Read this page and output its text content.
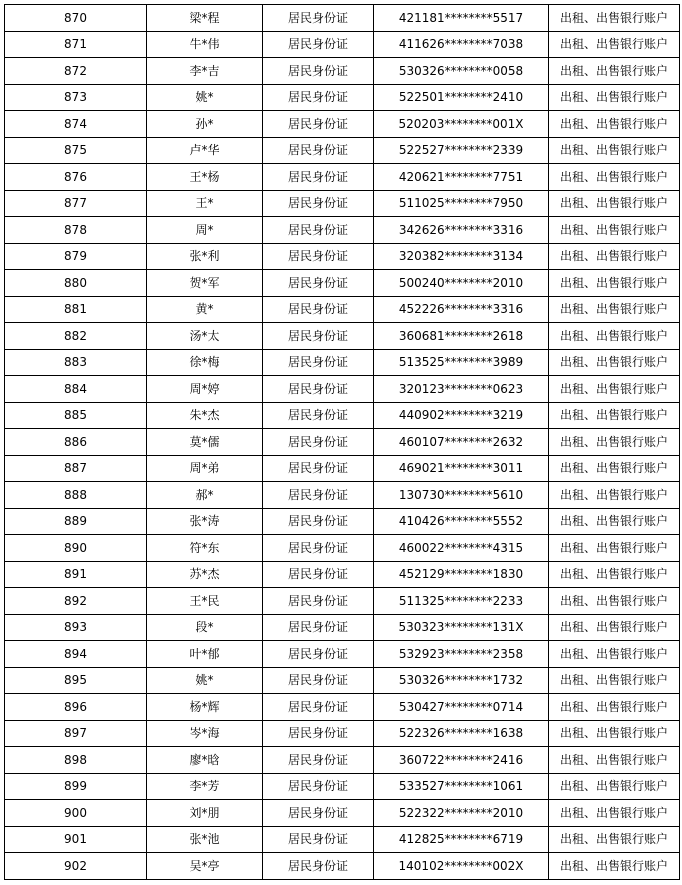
870	梁*程	居民身份证	421181********5517	出租、出售银行账户
871	牛*伟	居民身份证	411626********7038	出租、出售银行账户
872	李*吉	居民身份证	530326********0058	出租、出售银行账户
873	姚*	居民身份证	522501********2410	出租、出售银行账户
874	孙*	居民身份证	520203********001X	出租、出售银行账户
875	卢*华	居民身份证	522527********2339	出租、出售银行账户
876	王*杨	居民身份证	420621********7751	出租、出售银行账户
877	王*	居民身份证	511025********7950	出租、出售银行账户
878	周*	居民身份证	342626********3316	出租、出售银行账户
879	张*利	居民身份证	320382********3134	出租、出售银行账户
880	贺*军	居民身份证	500240********2010	出租、出售银行账户
881	黄*	居民身份证	452226********3316	出租、出售银行账户
882	汤*太	居民身份证	360681********2618	出租、出售银行账户
883	徐*梅	居民身份证	513525********3989	出租、出售银行账户
884	周*婷	居民身份证	320123********0623	出租、出售银行账户
885	朱*杰	居民身份证	440902********3219	出租、出售银行账户
886	莫*儒	居民身份证	460107********2632	出租、出售银行账户
887	周*弟	居民身份证	469021********3011	出租、出售银行账户
888	郝*	居民身份证	130730********5610	出租、出售银行账户
889	张*涛	居民身份证	410426********5552	出租、出售银行账户
890	符*东	居民身份证	460022********4315	出租、出售银行账户
891	苏*杰	居民身份证	452129********1830	出租、出售银行账户
892	王*民	居民身份证	511325********2233	出租、出售银行账户
893	段*	居民身份证	530323********131X	出租、出售银行账户
894	叶*郁	居民身份证	532923********2358	出租、出售银行账户
895	姚*	居民身份证	530326********1732	出租、出售银行账户
896	杨*辉	居民身份证	530427********0714	出租、出售银行账户
897	岑*海	居民身份证	522326********1638	出租、出售银行账户
898	廖*晗	居民身份证	360722********2416	出租、出售银行账户
899	李*芳	居民身份证	533527********1061	出租、出售银行账户
900	刘*朋	居民身份证	522322********2010	出租、出售银行账户
901	张*池	居民身份证	412825********6719	出租、出售银行账户
902	吴*亭	居民身份证	140102********002X	出租、出售银行账户
